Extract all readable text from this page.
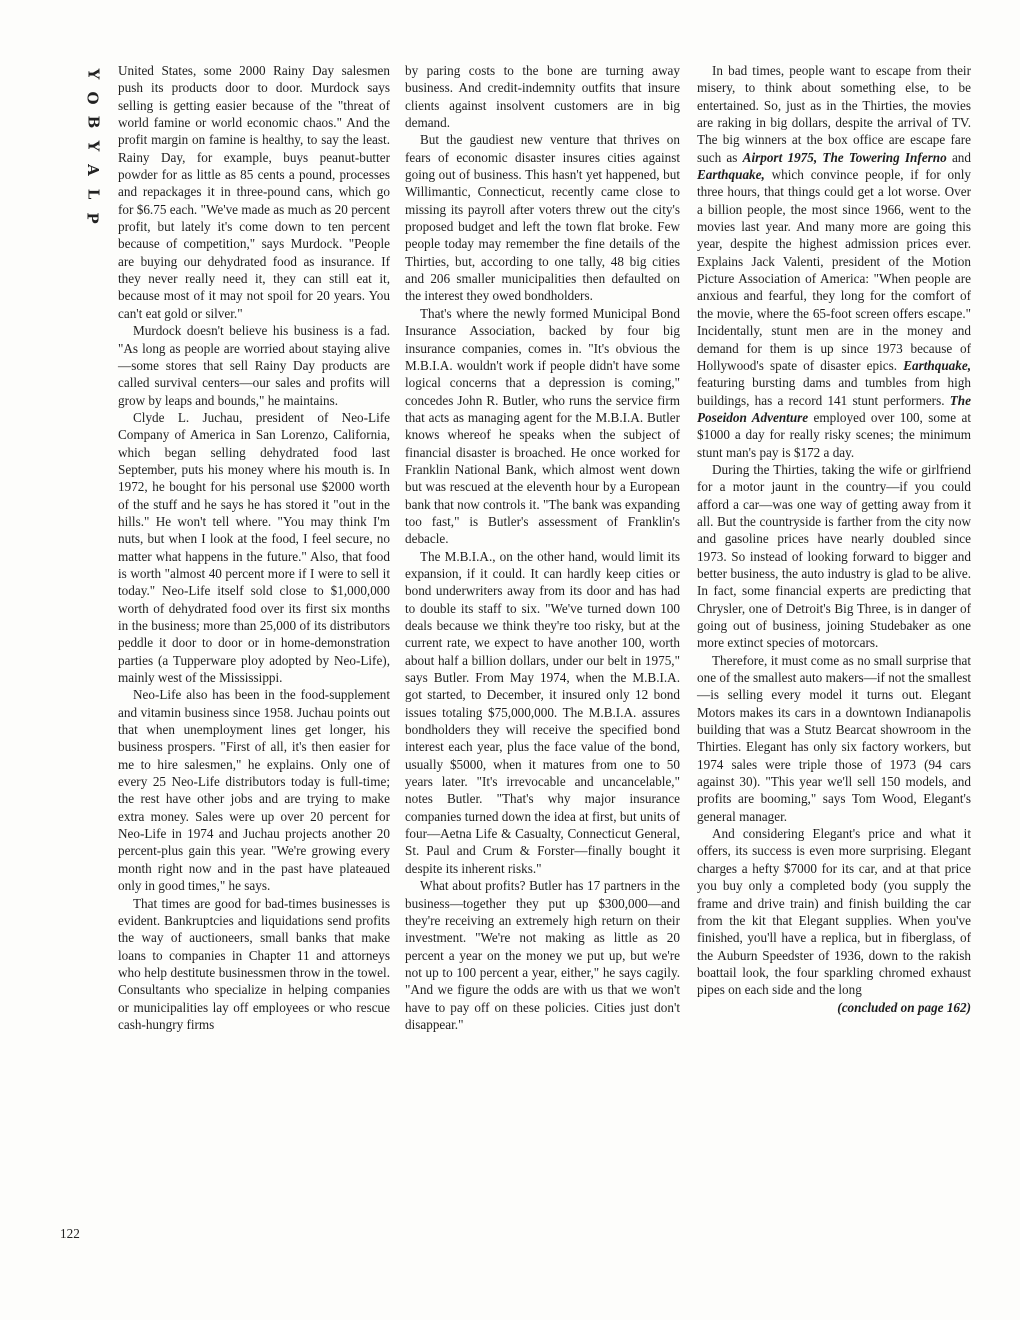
Y
O
B
Y
A
L
P

United States, some 2000 Rainy Day salesmen push its products door to door. Murdock says selling is getting easier because of the "threat of world famine or world economic chaos." And the profit margin on famine is healthy, to say the least. Rainy Day, for example, buys peanut-butter powder for as little as 85 cents a pound, processes and repackages it in three-pound cans, which go for $6.75 each. "We've made as much as 20 percent profit, but lately it's come down to ten percent because of competition," says Murdock. "People are buying our dehydrated food as insurance. If they never really need it, they can still eat it, because most of it may not spoil for 20 years. You can't eat gold or silver."

Murdock doesn't believe his business is a fad. "As long as people are worried about staying alive—some stores that sell Rainy Day products are called survival centers—our sales and profits will grow by leaps and bounds," he maintains.

Clyde L. Juchau, president of Neo-Life Company of America in San Lorenzo, California, which began selling dehydrated food last September, puts his money where his mouth is. In 1972, he bought for his personal use $2000 worth of the stuff and he says he has stored it "out in the hills." He won't tell where. "You may think I'm nuts, but when I look at the food, I feel secure, no matter what happens in the future." Also, that food is worth "almost 40 percent more if I were to sell it today." Neo-Life itself sold close to $1,000,000 worth of dehydrated food over its first six months in the business; more than 25,000 of its distributors peddle it door to door or in home-demonstration parties (a Tupperware ploy adopted by Neo-Life), mainly west of the Mississippi.

Neo-Life also has been in the food-supplement and vitamin business since 1958. Juchau points out that when unemployment lines get longer, his business prospers. "First of all, it's then easier for me to hire salesmen," he explains. Only one of every 25 Neo-Life distributors today is full-time; the rest have other jobs and are trying to make extra money. Sales were up over 20 percent for Neo-Life in 1974 and Juchau projects another 20 percent-plus gain this year. "We're growing every month right now and in the past have plateaued only in good times," he says.

That times are good for bad-times businesses is evident. Bankruptcies and liquidations send profits the way of auctioneers, small banks that make loans to companies in Chapter 11 and attorneys who help destitute businessmen throw in the towel. Consultants who specialize in helping companies or municipalities lay off employees or who rescue cash-hungry firms

by paring costs to the bone are turning away business. And credit-indemnity outfits that insure clients against insolvent customers are in big demand.

But the gaudiest new venture that thrives on fears of economic disaster insures cities against going out of business. This hasn't yet happened, but Willimantic, Connecticut, recently came close to missing its payroll after voters threw out the city's proposed budget and left the town flat broke. Few people today may remember the fine details of the Thirties, but, according to one tally, 48 big cities and 206 smaller municipalities then defaulted on the interest they owed bondholders.

That's where the newly formed Municipal Bond Insurance Association, backed by four big insurance companies, comes in. "It's obvious the M.B.I.A. wouldn't work if people didn't have some logical concerns that a depression is coming," concedes John R. Butler, who runs the service firm that acts as managing agent for the M.B.I.A. Butler knows whereof he speaks when the subject of financial disaster is broached. He once worked for Franklin National Bank, which almost went down but was rescued at the eleventh hour by a European bank that now controls it. "The bank was expanding too fast," is Butler's assessment of Franklin's debacle.

The M.B.I.A., on the other hand, would limit its expansion, if it could. It can hardly keep cities or bond underwriters away from its door and has had to double its staff to six. "We've turned down 100 deals because we think they're too risky, but at the current rate, we expect to have another 100, worth about half a billion dollars, under our belt in 1975," says Butler. From May 1974, when the M.B.I.A. got started, to December, it insured only 12 bond issues totaling $75,000,000. The M.B.I.A. assures bondholders they will receive the specified bond interest each year, plus the face value of the bond, usually $5000, when it matures from one to 50 years later. "It's irrevocable and uncancelable," notes Butler. "That's why major insurance companies turned down the idea at first, but units of four—Aetna Life & Casualty, Connecticut General, St. Paul and Crum & Forster—finally bought it despite its inherent risks."

What about profits? Butler has 17 partners in the business—together they put up $300,000—and they're receiving an extremely high return on their investment. "We're not making as little as 20 percent a year on the money we put up, but we're not up to 100 percent a year, either," he says cagily. "And we figure the odds are with us that we won't have to pay off on these policies. Cities just don't disappear."

In bad times, people want to escape from their misery, to think about something else, to be entertained. So, just as in the Thirties, the movies are raking in big dollars, despite the arrival of TV. The big winners at the box office are escape fare such as Airport 1975, The Towering Inferno and Earthquake, which convince people, if for only three hours, that things could get a lot worse. Over a billion people, the most since 1966, went to the movies last year. And many more are going this year, despite the highest admission prices ever. Explains Jack Valenti, president of the Motion Picture Association of America: "When people are anxious and fearful, they long for the comfort of the movie, where the 65-foot screen offers escape." Incidentally, stunt men are in the money and demand for them is up since 1973 because of Hollywood's spate of disaster epics. Earthquake, featuring bursting dams and tumbles from high buildings, has a record 141 stunt performers. The Poseidon Adventure employed over 100, some at $1000 a day for really risky scenes; the minimum stunt man's pay is $172 a day.

During the Thirties, taking the wife or girlfriend for a motor jaunt in the country—if you could afford a car—was one way of getting away from it all. But the countryside is farther from the city now and gasoline prices have nearly doubled since 1973. So instead of looking forward to bigger and better business, the auto industry is glad to be alive. In fact, some financial experts are predicting that Chrysler, one of Detroit's Big Three, is in danger of going out of business, joining Studebaker as one more extinct species of motorcars.

Therefore, it must come as no small surprise that one of the smallest auto makers—if not the smallest—is selling every model it turns out. Elegant Motors makes its cars in a downtown Indianapolis building that was a Stutz Bearcat showroom in the Thirties. Elegant has only six factory workers, but 1974 sales were triple those of 1973 (94 cars against 30). "This year we'll sell 150 models, and profits are booming," says Tom Wood, Elegant's general manager.

And considering Elegant's price and what it offers, its success is even more surprising. Elegant charges a hefty $7000 for its car, and at that price you buy only a completed body (you supply the frame and drive train) and finish building the car from the kit that Elegant supplies. When you've finished, you'll have a replica, but in fiberglass, of the Auburn Speedster of 1936, down to the rakish boattail look, the four sparkling chromed exhaust pipes on each side and the long

(concluded on page 162)

122
